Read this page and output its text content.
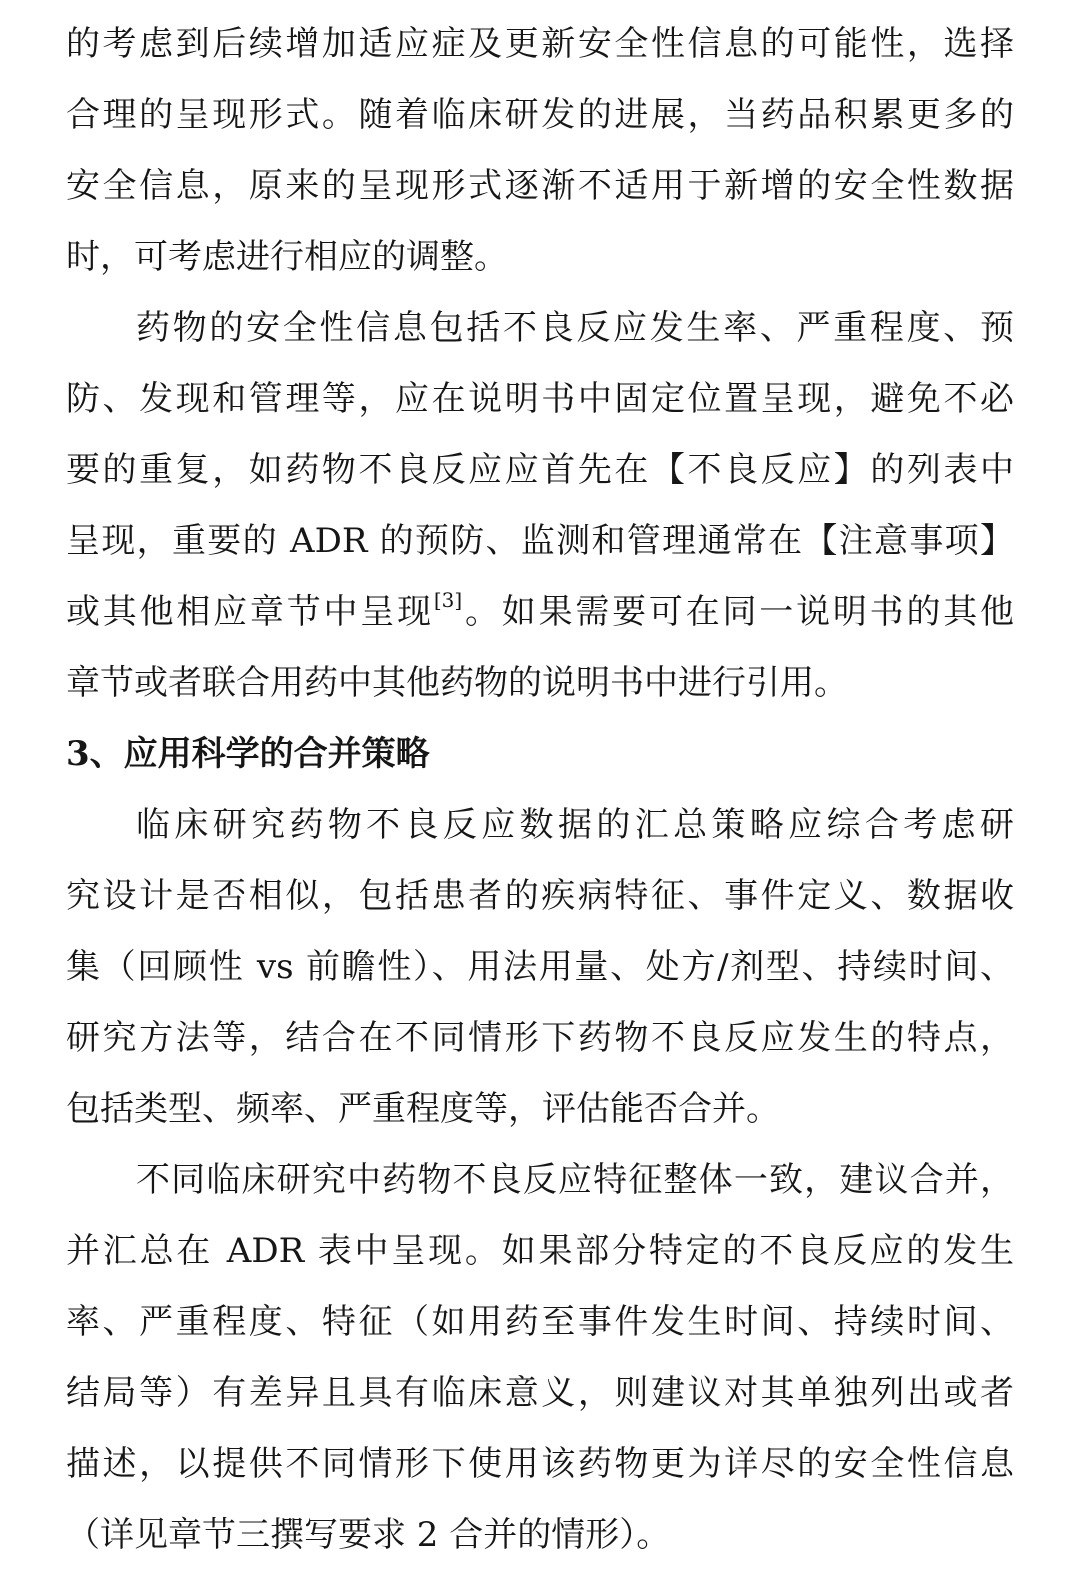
的考虑到后续增加适应症及更新安全性信息的可能性，选择
合理的呈现形式。随着临床研发的进展，当药品积累更多的
安全信息，原来的呈现形式逐渐不适用于新增的安全性数据
时，可考虑进行相应的调整。
药物的安全性信息包括不良反应发生率、严重程度、预
防、发现和管理等，应在说明书中固定位置呈现，避免不必
要的重复，如药物不良反应应首先在【不良反应】的列表中
呈现，重要的 ADR 的预防、监测和管理通常在【注意事项】
或其他相应章节中呈现[3]。如果需要可在同一说明书的其他
章节或者联合用药中其他药物的说明书中进行引用。
3、应用科学的合并策略
临床研究药物不良反应数据的汇总策略应综合考虑研
究设计是否相似，包括患者的疾病特征、事件定义、数据收
集（回顾性 vs 前瞻性）、用法用量、处方/剂型、持续时间、
研究方法等，结合在不同情形下药物不良反应发生的特点，
包括类型、频率、严重程度等，评估能否合并。
不同临床研究中药物不良反应特征整体一致，建议合并，
并汇总在 ADR 表中呈现。如果部分特定的不良反应的发生
率、严重程度、特征（如用药至事件发生时间、持续时间、
结局等）有差异且具有临床意义，则建议对其单独列出或者
描述，以提供不同情形下使用该药物更为详尽的安全性信息
（详见章节三撰写要求 2 合并的情形）。
